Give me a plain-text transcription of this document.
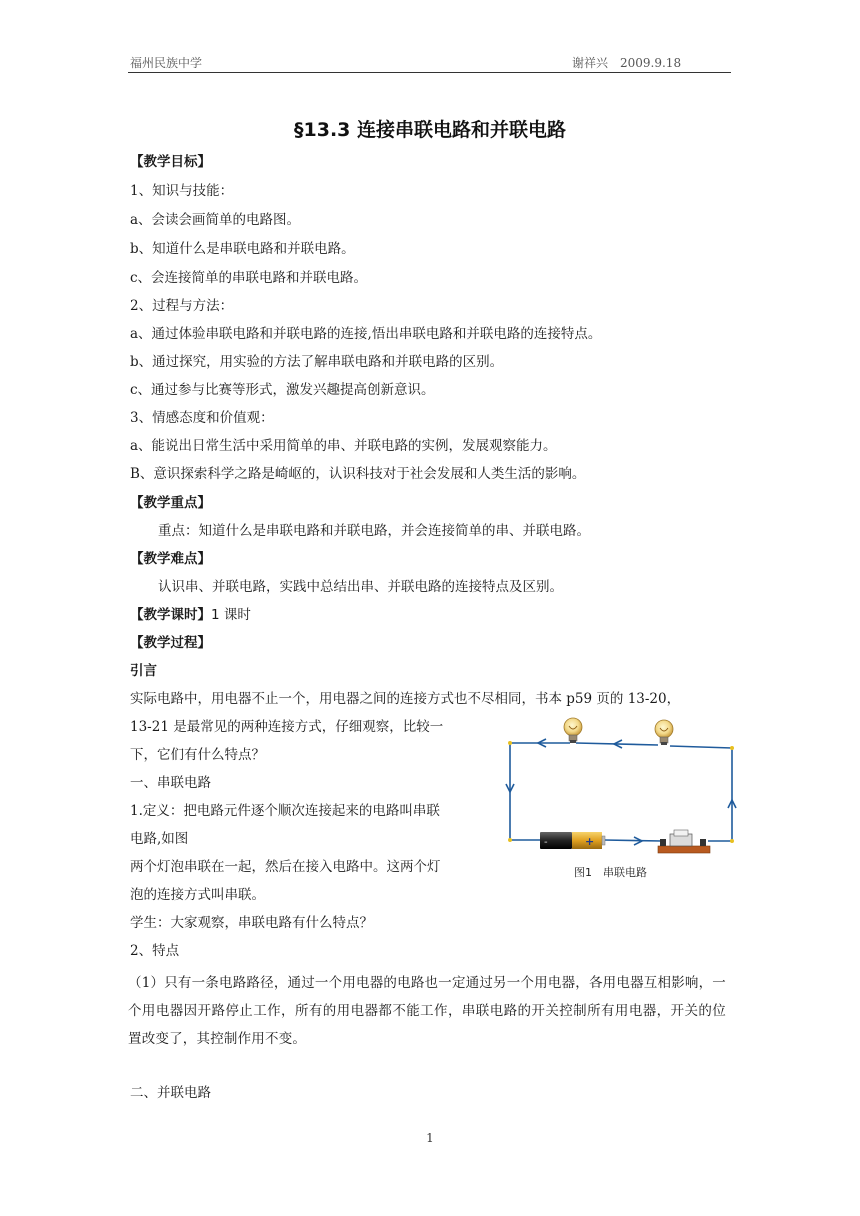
福州民族中学	谢祥兴　2009.9.18
§13.3 连接串联电路和并联电路
【教学目标】
1、知识与技能：
a、会读会画简单的电路图。
b、知道什么是串联电路和并联电路。
c、会连接简单的串联电路和并联电路。
2、过程与方法：
a、通过体验串联电路和并联电路的连接,悟出串联电路和并联电路的连接特点。
b、通过探究，用实验的方法了解串联电路和并联电路的区别。
c、通过参与比赛等形式，激发兴趣提高创新意识。
3、情感态度和价值观：
a、能说出日常生活中采用简单的串、并联电路的实例，发展观察能力。
B、意识探索科学之路是崎岖的，认识科技对于社会发展和人类生活的影响。
【教学重点】
重点：知道什么是串联电路和并联电路，并会连接简单的串、并联电路。
【教学难点】
认识串、并联电路，实践中总结出串、并联电路的连接特点及区别。
【教学课时】1 课时
【教学过程】
引言
实际电路中，用电器不止一个，用电器之间的连接方式也不尽相同，书本 p59 页的 13-20，
13-21 是最常见的两种连接方式，仔细观察，比较一
下，它们有什么特点？
一、串联电路
1.定义：把电路元件逐个顺次连接起来的电路叫串联
电路,如图
两个灯泡串联在一起，然后在接入电路中。这两个灯
泡的连接方式叫串联。
学生：大家观察，串联电路有什么特点？
2、特点
（1）只有一条电路路径，通过一个用电器的电路也一定通过另一个用电器，各用电器互相影响，一个用电器因开路停止工作，所有的用电器都不能工作，串联电路的开关控制所有用电器，开关的位置改变了，其控制作用不变。
二、并联电路
-	+
图1　串联电路
1
